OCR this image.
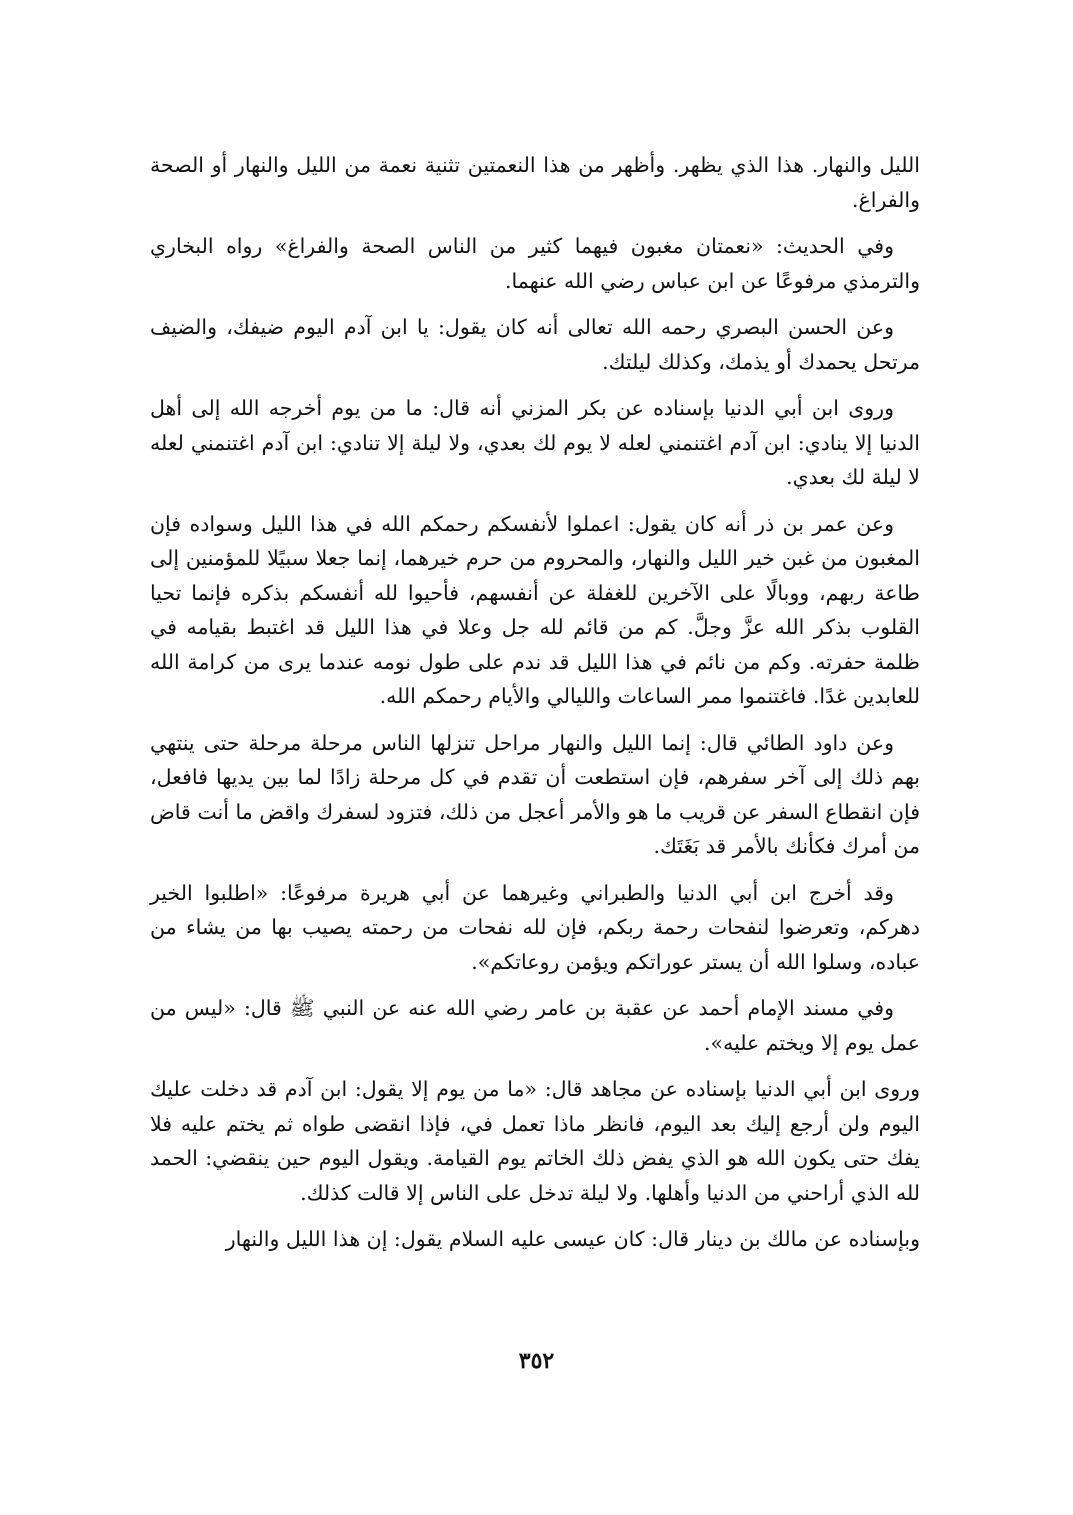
الليل والنهار. هذا الذي يظهر. وأظهر من هذا النعمتين تثنية نعمة من الليل والنهار أو الصحة والفراغ.

وفي الحديث: «نعمتان مغبون فيهما كثير من الناس الصحة والفراغ» رواه البخاري والترمذي مرفوعًا عن ابن عباس رضي الله عنهما.

وعن الحسن البصري رحمه الله تعالى أنه كان يقول: يا ابن آدم اليوم ضيفك، والضيف مرتحل يحمدك أو يذمك، وكذلك ليلتك.

وروى ابن أبي الدنيا بإسناده عن بكر المزني أنه قال: ما من يوم أخرجه الله إلى أهل الدنيا إلا ينادي: ابن آدم اغتنمني لعله لا يوم لك بعدي، ولا ليلة إلا تنادي: ابن آدم اغتنمني لعله لا ليلة لك بعدي.

وعن عمر بن ذر أنه كان يقول: اعملوا لأنفسكم رحمكم الله في هذا الليل وسواده فإن المغبون من غبن خير الليل والنهار، والمحروم من حرم خيرهما، إنما جعلا سبيًلا للمؤمنين إلى طاعة ربهم، ووبالًا على الآخرين للغفلة عن أنفسهم، فأحيوا لله أنفسكم بذكره فإنما تحيا القلوب بذكر الله عزَّ وجلَّ. كم من قائم لله جل وعلا في هذا الليل قد اغتبط بقيامه في ظلمة حفرته. وكم من نائم في هذا الليل قد ندم على طول نومه عندما يرى من كرامة الله للعابدين غدًا. فاغتنموا ممر الساعات والليالي والأيام رحمكم الله.

وعن داود الطائي قال: إنما الليل والنهار مراحل تنزلها الناس مرحلة مرحلة حتى ينتهي بهم ذلك إلى آخر سفرهم، فإن استطعت أن تقدم في كل مرحلة زادًا لما بين يديها فافعل، فإن انقطاع السفر عن قريب ما هو والأمر أعجل من ذلك، فتزود لسفرك واقض ما أنت قاض من أمرك فكأنك بالأمر قد بَغَتَك.

وقد أخرج ابن أبي الدنيا والطبراني وغيرهما عن أبي هريرة مرفوعًا: «اطلبوا الخير دهركم، وتعرضوا لنفحات رحمة ربكم، فإن لله نفحات من رحمته يصيب بها من يشاء من عباده، وسلوا الله أن يستر عوراتكم ويؤمن روعاتكم».

وفي مسند الإمام أحمد عن عقبة بن عامر رضي الله عنه عن النبي ﷺ قال: «ليس من عمل يوم إلا ويختم عليه».

وروى ابن أبي الدنيا بإسناده عن مجاهد قال: «ما من يوم إلا يقول: ابن آدم قد دخلت عليك اليوم ولن أرجع إليك بعد اليوم، فانظر ماذا تعمل في، فإذا انقضى طواه ثم يختم عليه فلا يفك حتى يكون الله هو الذي يفض ذلك الخاتم يوم القيامة. ويقول اليوم حين ينقضي: الحمد لله الذي أراحني من الدنيا وأهلها. ولا ليلة تدخل على الناس إلا قالت كذلك.

وبإسناده عن مالك بن دينار قال: كان عيسى عليه السلام يقول: إن هذا الليل والنهار

٣٥٢
